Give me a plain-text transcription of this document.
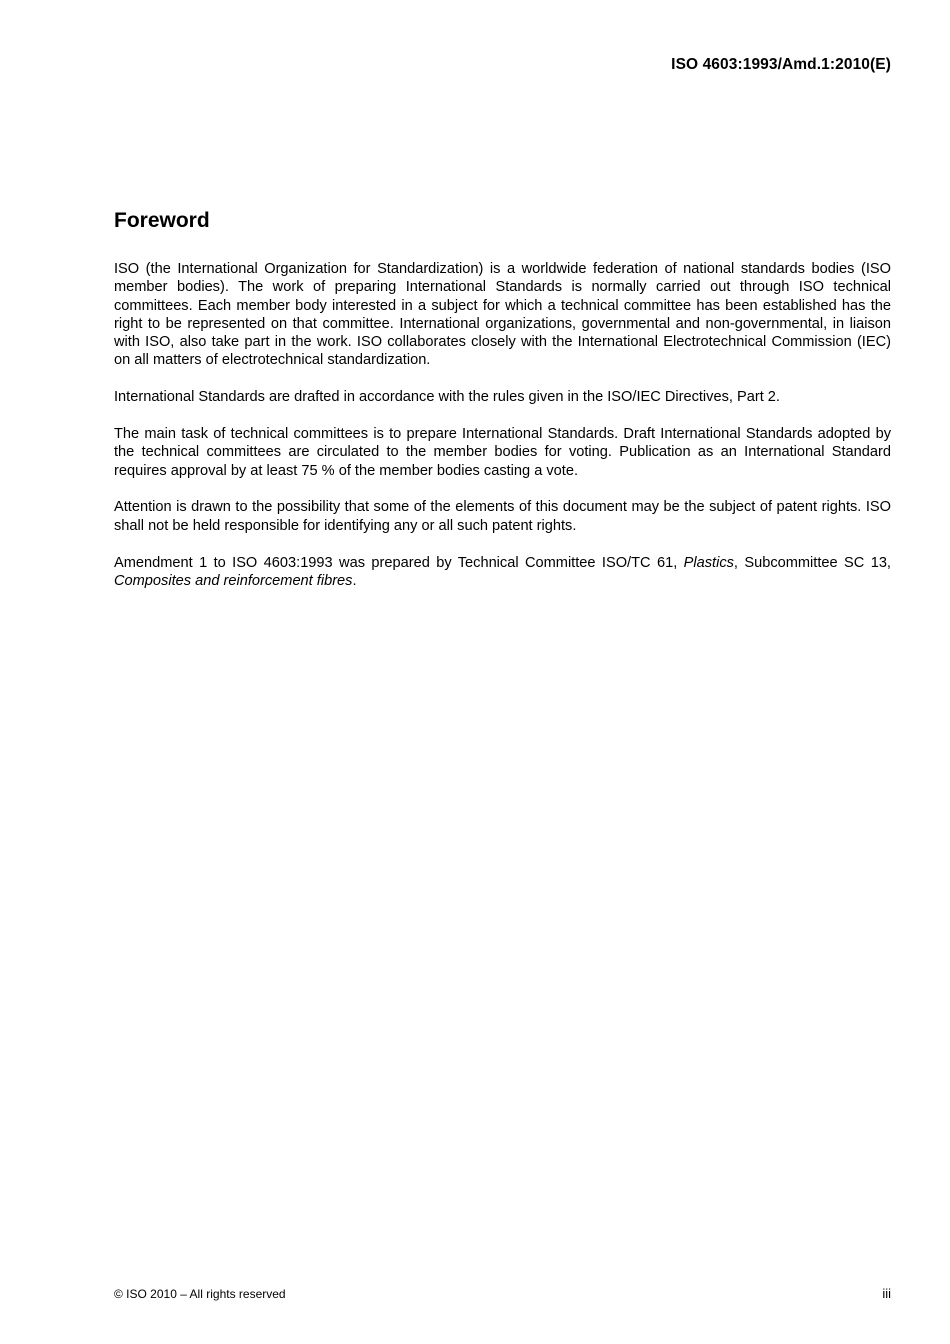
ISO 4603:1993/Amd.1:2010(E)
Foreword

ISO (the International Organization for Standardization) is a worldwide federation of national standards bodies (ISO member bodies). The work of preparing International Standards is normally carried out through ISO technical committees. Each member body interested in a subject for which a technical committee has been established has the right to be represented on that committee. International organizations, governmental and non-governmental, in liaison with ISO, also take part in the work. ISO collaborates closely with the International Electrotechnical Commission (IEC) on all matters of electrotechnical standardization.

International Standards are drafted in accordance with the rules given in the ISO/IEC Directives, Part 2.

The main task of technical committees is to prepare International Standards. Draft International Standards adopted by the technical committees are circulated to the member bodies for voting. Publication as an International Standard requires approval by at least 75 % of the member bodies casting a vote.

Attention is drawn to the possibility that some of the elements of this document may be the subject of patent rights. ISO shall not be held responsible for identifying any or all such patent rights.

Amendment 1 to ISO 4603:1993 was prepared by Technical Committee ISO/TC 61, Plastics, Subcommittee SC 13, Composites and reinforcement fibres.

© ISO 2010 – All rights reserved	iii
